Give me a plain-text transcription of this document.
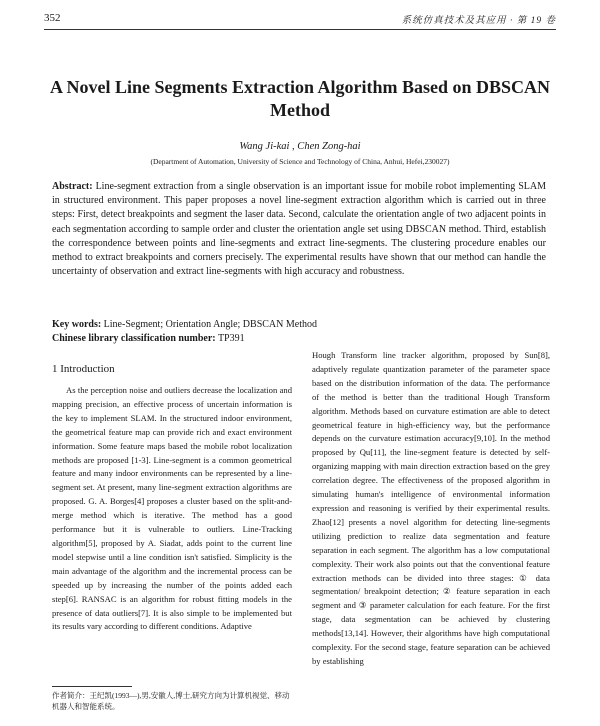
352	系统仿真技术及其应用 · 第 19 卷
A Novel Line Segments Extraction Algorithm Based on DBSCAN Method
Wang Ji-kai , Chen Zong-hai
(Department of Automation, University of Science and Technology of China, Anhui, Hefei,230027)
Abstract: Line-segment extraction from a single observation is an important issue for mobile robot implementing SLAM in structured environment. This paper proposes a novel line-segment extraction algorithm which is carried out in three steps: First, detect breakpoints and segment the laser data. Second, calculate the orientation angle of two adjacent points in each segmentation according to sample order and cluster the orientation angle set using DBSCAN method. Third, establish the correspondence between points and line-segments and extract line-segments. The clustering procedure enables our method to extract breakpoints and corners precisely. The experimental results have shown that our method can handle the uncertainty of observation and extract line-segments with high accuracy and robustness.
Key words: Line-Segment; Orientation Angle; DBSCAN Method
Chinese library classification number: TP391
1 Introduction

As the perception noise and outliers decrease the localization and mapping precision, an effective process of uncertain information is the key to implement SLAM. In the structured indoor environment, the geometrical feature map can provide rich and exact environment information. Some feature maps based the mobile robot localization methods are proposed [1-3]. Line-segment is a common geometrical feature and many indoor environments can be represented by a line-segment set. At present, many line-segment extraction algorithms are proposed. G. A. Borges[4] proposes a cluster based on the split-and-merge method which is iterative. The method has a good performance but it is vulnerable to outliers. Line-Tracking algorithm[5], proposed by A. Siadat, adds point to the current line model stepwise until a line condition isn't satisfied. Simplicity is the main advantage of the algorithm and the incremental process can be speeded up by increasing the number of the points added each step[6]. RANSAC is an algorithm for robust fitting models in the presence of data outliers[7]. It is also simple to be implemented but its results vary according to different conditions. Adaptive

Hough Transform line tracker algorithm, proposed by Sun[8], adaptively regulate quantization parameter of the parameter space based on the distribution information of the data. The performance of the method is better than the traditional Hough Transform algorithm. Methods based on curvature estimation are able to detect geometrical feature in high-efficiency way, but the performance depends on the curvature estimation accuracy[9,10]. In the method proposed by Qu[11], the line-segment feature is detected by self-organizing mapping with main direction extraction based on the grey correlation degree. The effectiveness of the proposed algorithm in simulating human's intelligence of environmental information expression and reasoning is verified by their experimental results. Zhao[12] presents a novel algorithm for detecting line-segments utilizing prediction to realize data segmentation and feature separation in each segment. The algorithm has a low computational complexity. Their work also points out that the conventional feature extraction methods can be divided into three stages: ① data segmentation/ breakpoint detection; ② feature separation in each segment and ③ parameter calculation for each feature. For the first stage, data segmentation can be achieved by clustering methods[13,14]. However, their algorithms have high computational complexity. For the second stage, feature separation can be achieved by establishing

作者简介：王纪凯(1993—),男,安徽人,博士,研究方向为计算机视觉、移动机器人和智能系统。
